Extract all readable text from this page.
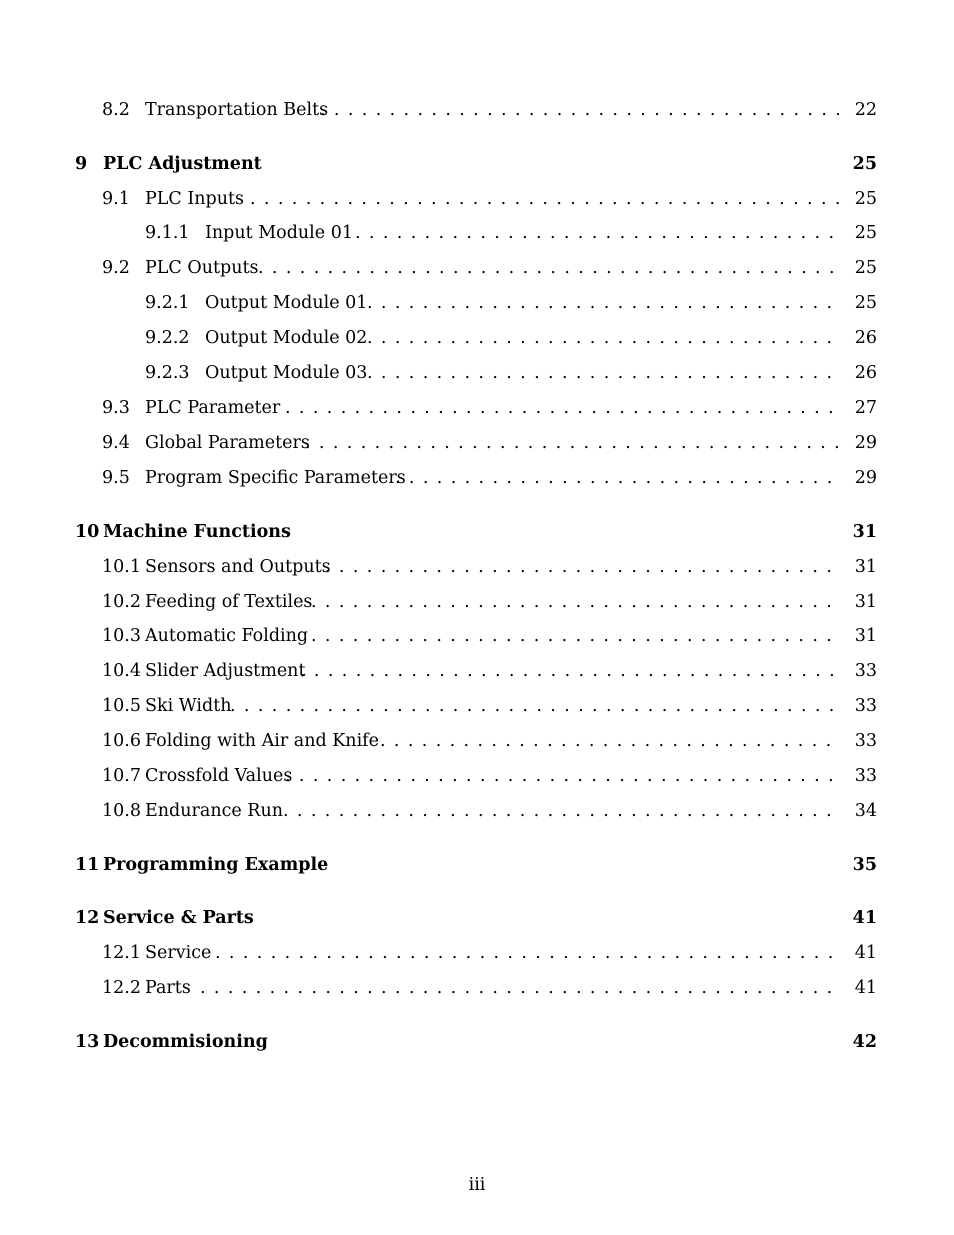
8.2 Transportation Belts . . .	22
9 PLC Adjustment	25
9.1 PLC Inputs . . .	25
9.1.1 Input Module 01 . . .	25
9.2 PLC Outputs . . .	25
9.2.1 Output Module 01 . . .	25
9.2.2 Output Module 02 . . .	26
9.2.3 Output Module 03 . . .	26
9.3 PLC Parameter . . .	27
9.4 Global Parameters . . .	29
9.5 Program Specific Parameters . . .	29
10 Machine Functions	31
10.1 Sensors and Outputs . . .	31
10.2 Feeding of Textiles . . .	31
10.3 Automatic Folding . . .	31
10.4 Slider Adjustment . . .	33
10.5 Ski Width . . .	33
10.6 Folding with Air and Knife . . .	33
10.7 Crossfold Values . . .	33
10.8 Endurance Run . . .	34
11 Programming Example	35
12 Service & Parts	41
12.1 Service . . .	41
12.2 Parts . . .	41
13 Decommisioning	42
iii
